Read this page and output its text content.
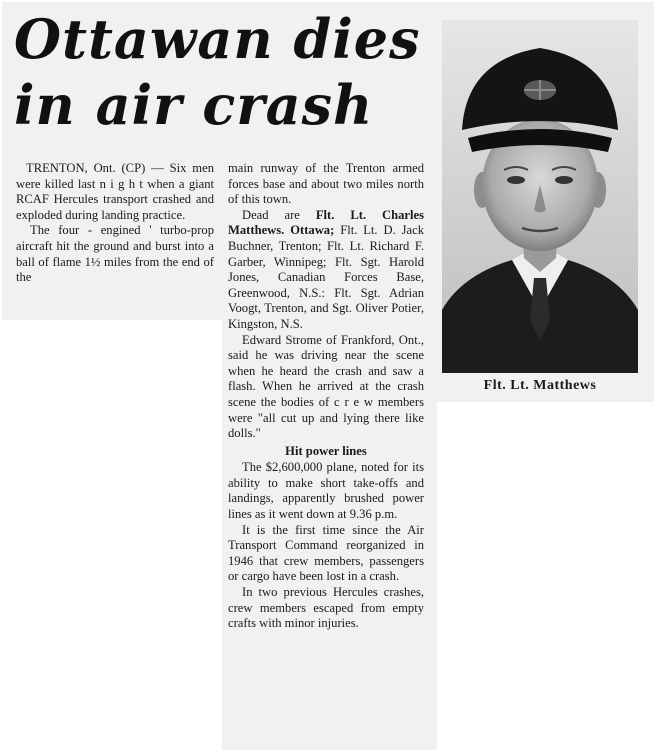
Ottawan dies
in air crash

TRENTON, Ont. (CP) — Six men were killed last n i g h t when a giant RCAF Hercules transport crashed and exploded during landing practice.

The four - engined ' turbo-prop aircraft hit the ground and burst into a ball of flame 1½ miles from the end of the

main runway of the Trenton armed forces base and about two miles north of this town.

Dead are Flt. Lt. Charles Matthews. Ottawa; Flt. Lt. D. Jack Buchner, Trenton; Flt. Lt. Richard F. Garber, Winnipeg; Flt. Sgt. Harold Jones, Canadian Forces Base, Greenwood, N.S.: Flt. Sgt. Adrian Voogt, Trenton, and Sgt. Oliver Potier, Kingston, N.S.

Edward Strome of Frankford, Ont., said he was driving near the scene when he heard the crash and saw a flash. When he arrived at the crash scene the bodies of c r e w members were "all cut up and lying there like dolls."

Hit power lines

The $2,600,000 plane, noted for its ability to make short take-offs and landings, apparently brushed power lines as it went down at 9.36 p.m.

It is the first time since the Air Transport Command reorganized in 1946 that crew members, passengers or cargo have been lost in a crash.

In two previous Hercules crashes, crew members escaped from empty crafts with minor injuries.

Flt. Lt. Matthews
